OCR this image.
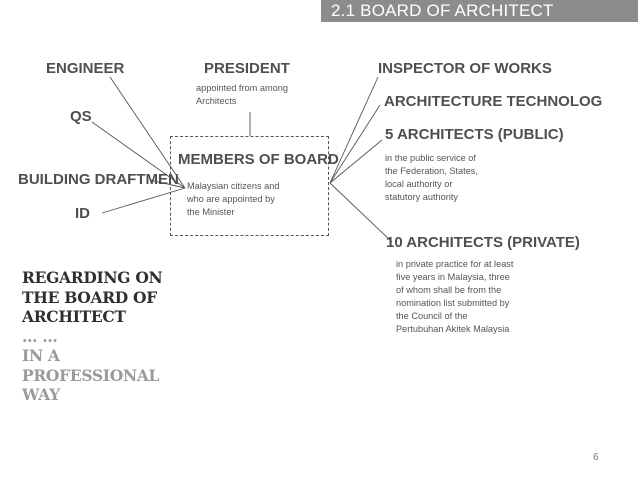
2.1 BOARD OF ARCHITECT
ENGINEER
QS
BUILDING DRAFTMEN
ID
PRESIDENT
appointed from among
Architects
MEMBERS OF BOARD
Malaysian citizens and
who are appointed by
the Minister
INSPECTOR OF WORKS
ARCHITECTURE TECHNOLOG
5 ARCHITECTS (PUBLIC)
in the public service of
the Federation, States,
local authority or
statutory authority
10 ARCHITECTS (PRIVATE)
in private practice for at least
five years in Malaysia, three
of whom shall be from the
nomination list submitted by
the Council of the
Pertubuhan Akitek Malaysia
REGARDING ON
THE BOARD OF
ARCHITECT
… …
IN A
PROFESSIONAL
WAY
6
